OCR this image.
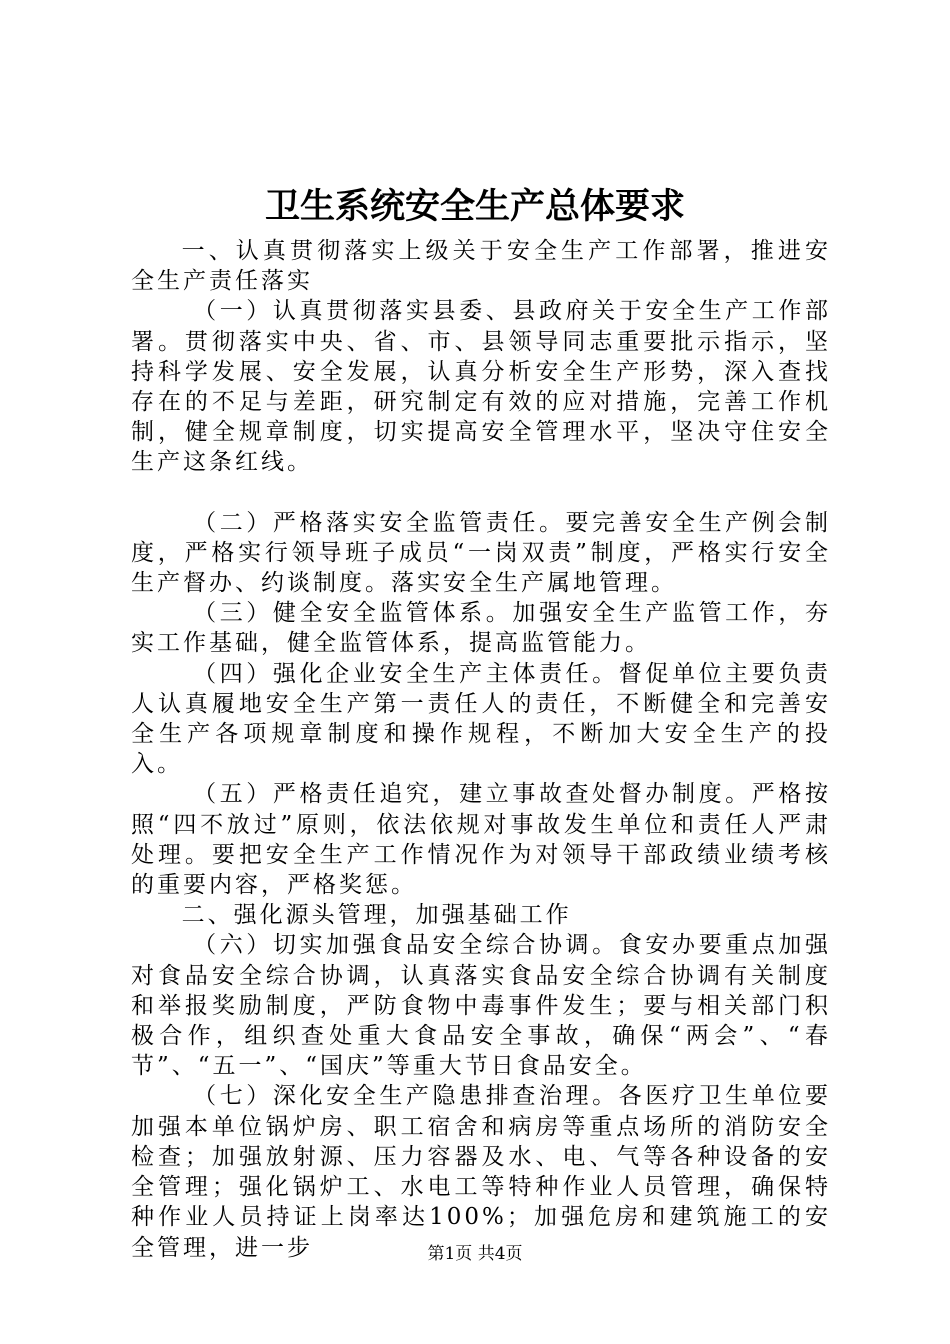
卫生系统安全生产总体要求

一、认真贯彻落实上级关于安全生产工作部署，推进安全生产责任落实

（一）认真贯彻落实县委、县政府关于安全生产工作部署。贯彻落实中央、省、市、县领导同志重要批示指示，坚持科学发展、安全发展，认真分析安全生产形势，深入查找存在的不足与差距，研究制定有效的应对措施，完善工作机制，健全规章制度，切实提高安全管理水平，坚决守住安全生产这条红线。

（二）严格落实安全监管责任。要完善安全生产例会制度，严格实行领导班子成员“一岗双责”制度，严格实行安全生产督办、约谈制度。落实安全生产属地管理。

（三）健全安全监管体系。加强安全生产监管工作，夯实工作基础，健全监管体系，提高监管能力。

（四）强化企业安全生产主体责任。督促单位主要负责人认真履地安全生产第一责任人的责任，不断健全和完善安全生产各项规章制度和操作规程，不断加大安全生产的投入。

（五）严格责任追究，建立事故查处督办制度。严格按照“四不放过”原则，依法依规对事故发生单位和责任人严肃处理。要把安全生产工作情况作为对领导干部政绩业绩考核的重要内容，严格奖惩。

二、强化源头管理，加强基础工作

（六）切实加强食品安全综合协调。食安办要重点加强对食品安全综合协调，认真落实食品安全综合协调有关制度和举报奖励制度，严防食物中毒事件发生；要与相关部门积极合作，组织查处重大食品安全事故，确保“两会”、“春节”、“五一”、“国庆”等重大节日食品安全。

（七）深化安全生产隐患排查治理。各医疗卫生单位要加强本单位锅炉房、职工宿舍和病房等重点场所的消防安全检查；加强放射源、压力容器及水、电、气等各种设备的安全管理；强化锅炉工、水电工等特种作业人员管理，确保特种作业人员持证上岗率达100%；加强危房和建筑施工的安全管理，进一步	第1页 共4页
